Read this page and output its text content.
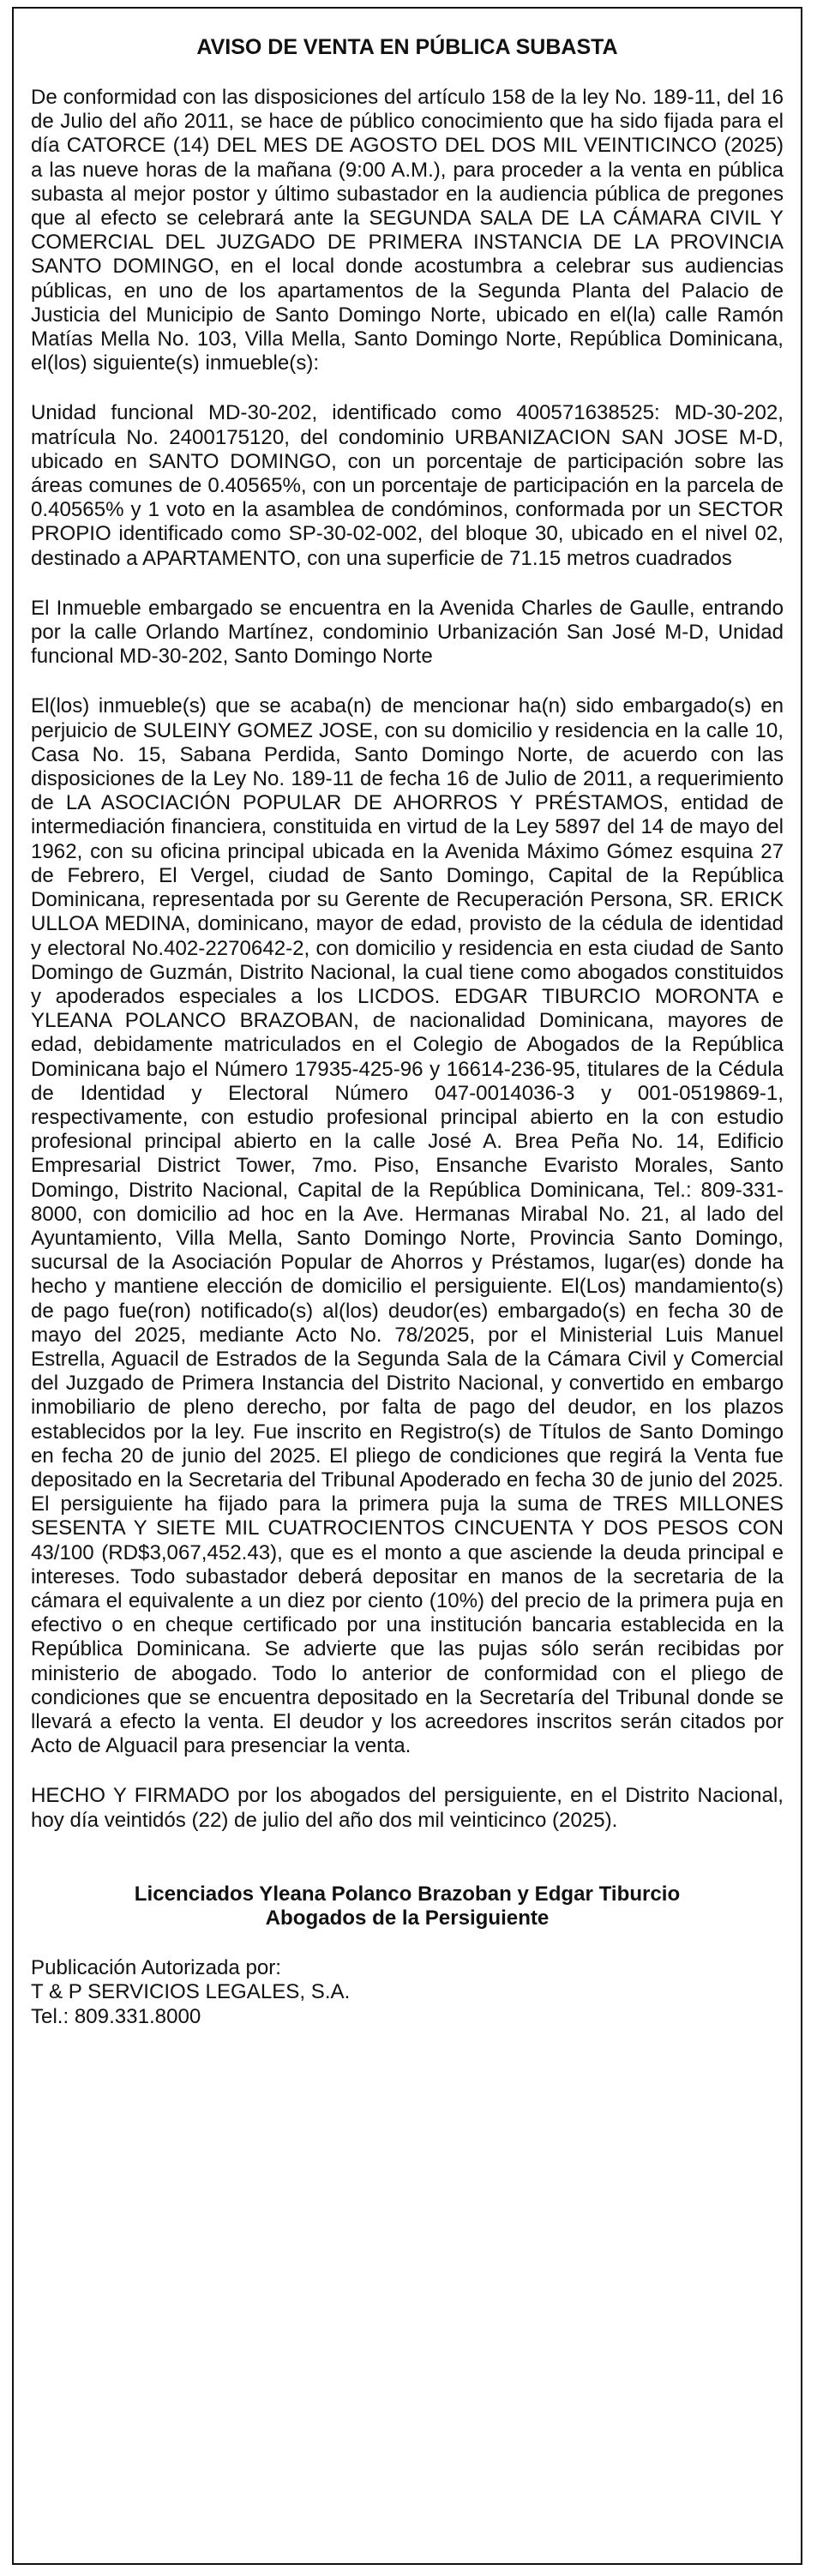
AVISO DE VENTA EN PÚBLICA SUBASTA
De conformidad con las disposiciones del artículo 158 de la ley No. 189-11, del 16 de Julio del año 2011, se hace de público conocimiento que ha sido fijada para el día CATORCE (14) DEL MES DE AGOSTO DEL DOS MIL VEINTICINCO (2025) a las nueve horas de la mañana (9:00 A.M.), para proceder a la venta en pública subasta al mejor postor y último subastador en la audiencia pública de pregones que al efecto se celebrará ante la SEGUNDA SALA DE LA CÁMARA CIVIL Y COMERCIAL DEL JUZGADO DE PRIMERA INSTANCIA DE LA PROVINCIA SANTO DOMINGO, en el local donde acostumbra a celebrar sus audiencias públicas, en uno de los apartamentos de la Segunda Planta del Palacio de Justicia del Municipio de Santo Domingo Norte, ubicado en el(la) calle Ramón Matías Mella No. 103, Villa Mella, Santo Domingo Norte, República Dominicana, el(los) siguiente(s) inmueble(s):
Unidad funcional MD-30-202, identificado como 400571638525: MD-30-202, matrícula No. 2400175120, del condominio URBANIZACION SAN JOSE M-D, ubicado en SANTO DOMINGO, con un porcentaje de participación sobre las áreas comunes de 0.40565%, con un porcentaje de participación en la parcela de 0.40565% y 1 voto en la asamblea de condóminos, conformada por un SECTOR PROPIO identificado como SP-30-02-002, del bloque 30, ubicado en el nivel 02, destinado a APARTAMENTO, con una superficie de 71.15 metros cuadrados
El Inmueble embargado se encuentra en la Avenida Charles de Gaulle, entrando por la calle Orlando Martínez, condominio Urbanización San José M-D, Unidad funcional MD-30-202, Santo Domingo Norte
El(los) inmueble(s) que se acaba(n) de mencionar ha(n) sido embargado(s) en perjuicio de SULEINY GOMEZ JOSE, con su domicilio y residencia en la calle 10, Casa No. 15, Sabana Perdida, Santo Domingo Norte, de acuerdo con las disposiciones de la Ley No. 189-11 de fecha 16 de Julio de 2011, a requerimiento de LA ASOCIACIÓN POPULAR DE AHORROS Y PRÉSTAMOS, entidad de intermediación financiera, constituida en virtud de la Ley 5897 del 14 de mayo del 1962, con su oficina principal ubicada en la Avenida Máximo Gómez esquina 27 de Febrero, El Vergel, ciudad de Santo Domingo, Capital de la República Dominicana, representada por su Gerente de Recuperación Persona, SR. ERICK ULLOA MEDINA, dominicano, mayor de edad, provisto de la cédula de identidad y electoral No.402-2270642-2, con domicilio y residencia en esta ciudad de Santo Domingo de Guzmán, Distrito Nacional, la cual tiene como abogados constituidos y apoderados especiales a los LICDOS. EDGAR TIBURCIO MORONTA e YLEANA POLANCO BRAZOBAN, de nacionalidad Dominicana, mayores de edad, debidamente matriculados en el Colegio de Abogados de la República Dominicana bajo el Número 17935-425-96 y 16614-236-95, titulares de la Cédula de Identidad y Electoral Número 047-0014036-3 y 001-0519869-1, respectivamente, con estudio profesional principal abierto en la con estudio profesional principal abierto en la calle José A. Brea Peña No. 14, Edificio Empresarial District Tower, 7mo. Piso, Ensanche Evaristo Morales, Santo Domingo, Distrito Nacional, Capital de la República Dominicana, Tel.: 809-331-8000, con domicilio ad hoc en la Ave. Hermanas Mirabal No. 21, al lado del Ayuntamiento, Villa Mella, Santo Domingo Norte, Provincia Santo Domingo, sucursal de la Asociación Popular de Ahorros y Préstamos, lugar(es) donde ha hecho y mantiene elección de domicilio el persiguiente. El(Los) mandamiento(s) de pago fue(ron) notificado(s) al(los) deudor(es) embargado(s) en fecha 30 de mayo del 2025, mediante Acto No. 78/2025, por el Ministerial Luis Manuel Estrella, Aguacil de Estrados de la Segunda Sala de la Cámara Civil y Comercial del Juzgado de Primera Instancia del Distrito Nacional, y convertido en embargo inmobiliario de pleno derecho, por falta de pago del deudor, en los plazos establecidos por la ley. Fue inscrito en Registro(s) de Títulos de Santo Domingo en fecha 20 de junio del 2025. El pliego de condiciones que regirá la Venta fue depositado en la Secretaria del Tribunal Apoderado en fecha 30 de junio del 2025. El persiguiente ha fijado para la primera puja la suma de TRES MILLONES SESENTA Y SIETE MIL CUATROCIENTOS CINCUENTA Y DOS PESOS CON 43/100 (RD$3,067,452.43), que es el monto a que asciende la deuda principal e intereses. Todo subastador deberá depositar en manos de la secretaria de la cámara el equivalente a un diez por ciento (10%) del precio de la primera puja en efectivo o en cheque certificado por una institución bancaria establecida en la República Dominicana. Se advierte que las pujas sólo serán recibidas por ministerio de abogado. Todo lo anterior de conformidad con el pliego de condiciones que se encuentra depositado en la Secretaría del Tribunal donde se llevará a efecto la venta. El deudor y los acreedores inscritos serán citados por Acto de Alguacil para presenciar la venta.
HECHO Y FIRMADO por los abogados del persiguiente, en el Distrito Nacional, hoy día veintidós (22) de julio del año dos mil veinticinco (2025).
Licenciados Yleana Polanco Brazoban y Edgar Tiburcio
Abogados de la Persiguiente
Publicación Autorizada por:
T & P SERVICIOS LEGALES, S.A.
Tel.: 809.331.8000
